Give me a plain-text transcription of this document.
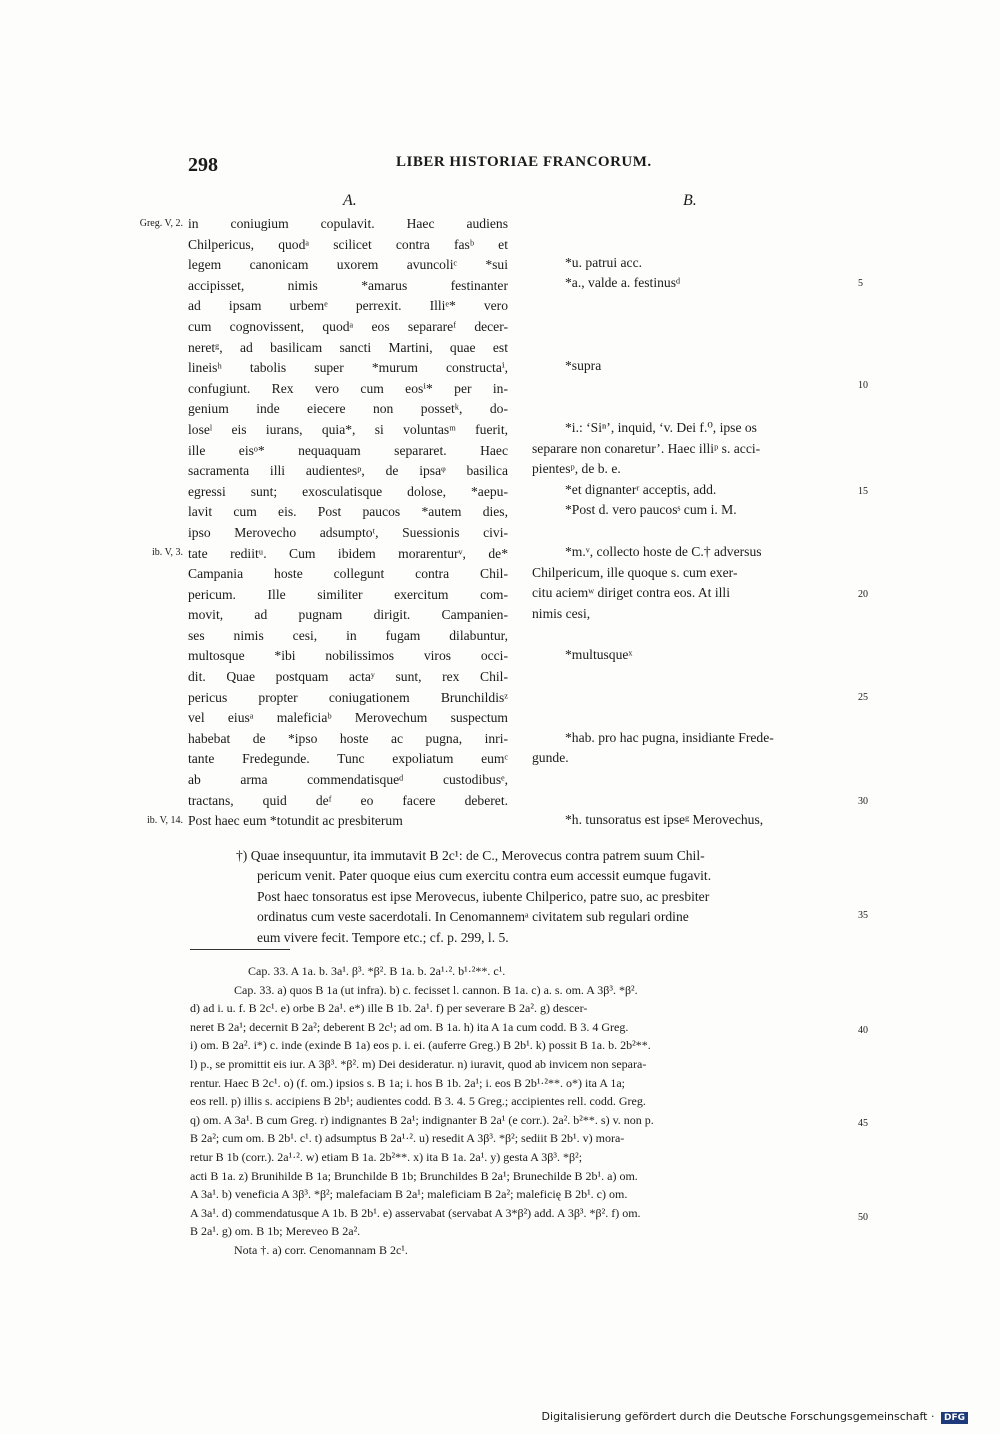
298	LIBER HISTORIAE FRANCORUM.
A.	B.
Greg. V, 2.
ib. V, 3.
ib. V, 14.
in coniugium copulavit. Haec audiens
Chilpericus, quodᵃ scilicet contra fasᵇ et
legem canonicam uxorem avuncoliᶜ *sui
accipisset, nimis *amarus festinanter
ad ipsam urbemᵉ perrexit. Illiᵉ* vero
cum cognovissent, quodᵃ eos separareᶠ decer-
neretᵍ, ad basilicam sancti Martini, quae est
lineisʰ tabolis super *murum constructaⁱ,
confugiunt. Rex vero cum eosⁱ* per in-
genium inde eiecere non possetᵏ, do-
loseˡ eis iurans, quia*, si voluntasᵐ fuerit,
ille eisᵒ* nequaquam separaret. Haec
sacramenta illi audientesᵖ, de ipsaᵠ basilica
egressi sunt; exosculatisque dolose, *aepu-
lavit cum eis. Post paucos *autem dies,
ipso Merovecho adsumptoᵗ, Suessionis civi-
tate rediitᵘ. Cum ibidem morarenturᵛ, de*
Campania hoste collegunt contra Chil-
pericum. Ille similiter exercitum com-
movit, ad pugnam dirigit. Campanien-
ses nimis cesi, in fugam dilabuntur,
multosque *ibi nobilissimos viros occi-
dit. Quae postquam actaʸ sunt, rex Chil-
pericus propter coniugationem Brunchildisᶻ
vel eiusᵃ maleficiaᵇ Merovechum suspectum
habebat de *ipso hoste ac pugna, inri-
tante Fredegunde. Tunc expoliatum eumᶜ
ab arma commendatisqueᵈ custodibusᵉ,
tractans, quid deᶠ eo facere deberet.
Post haec eum *totundit ac presbiterum
*u. patrui acc.
*a., valde a. festinusᵈ
*supra
*i.: ‘Siⁿ’, inquid, ‘v. Dei f.⁰, ipse os
separare non conaretur’. Haec illiᵖ s. acci-
pientesᵖ, de b. e.
*et dignanterʳ acceptis, add.
*Post d. vero paucosˢ cum i. M.
*m.ᵛ, collecto hoste de C.† adversus
Chilpericum, ille quoque s. cum exer-
citu aciemʷ diriget contra eos. At illi
nimis cesi,
*multusqueˣ
*hab. pro hac pugna, insidiante Frede-
gunde.
*h. tunsoratus est ipseᵍ Merovechus,
5
10
15
20
25
30
35
40
45
50
†) Quae insequuntur, ita immutavit B 2c¹: de C., Merovecus contra patrem suum Chil-
pericum venit. Pater quoque eius cum exercitu contra eum accessit eumque fugavit.
Post haec tonsoratus est ipse Merovecus, iubente Chilperico, patre suo, ac presbiter
ordinatus cum veste sacerdotali. In Cenomannemᵃ civitatem sub regulari ordine
eum vivere fecit. Tempore etc.; cf. p. 299, l. 5.
Cap. 33. A 1a. b. 3a¹. β³. *β². B 1a. b. 2a¹·². b¹·²**. c¹.
Cap. 33. a) quos B 1a (ut infra). b) c. fecisset l. cannon. B 1a. c) a. s. om. A 3β³. *β².
d) ad i. u. f. B 2c¹. e) orbe B 2a¹. e*) ille B 1b. 2a¹. f) per severare B 2a². g) descer-
neret B 2a¹; decernit B 2a²; deberent B 2c¹; ad om. B 1a. h) ita A 1a cum codd. B 3. 4 Greg.
i) om. B 2a². i*) c. inde (exinde B 1a) eos p. i. ei. (auferre Greg.) B 2b¹. k) possit B 1a. b. 2b²**.
l) p., se promittit eis iur. A 3β³. *β². m) Dei desideratur. n) iuravit, quod ab invicem non separa-
rentur. Haec B 2c¹. o) (f. om.) ipsios s. B 1a; i. hos B 1b. 2a¹; i. eos B 2b¹·²**. o*) ita A 1a;
eos rell. p) illis s. accipiens B 2b¹; audientes codd. B 3. 4. 5 Greg.; accipientes rell. codd. Greg.
q) om. A 3a¹. B cum Greg. r) indignantes B 2a¹; indignanter B 2a¹ (e corr.). 2a². b²**. s) v. non p.
B 2a²; cum om. B 2b¹. c¹. t) adsumptus B 2a¹·². u) resedit A 3β³. *β²; sediit B 2b¹. v) mora-
retur B 1b (corr.). 2a¹·². w) etiam B 1a. 2b²**. x) ita B 1a. 2a¹. y) gesta A 3β³. *β²;
acti B 1a. z) Brunihilde B 1a; Brunchilde B 1b; Brunchildes B 2a¹; Brunechilde B 2b¹. a) om.
A 3a¹. b) veneficia A 3β³. *β²; malefaciam B 2a¹; maleficiam B 2a²; maleficię B 2b¹. c) om.
A 3a¹. d) commendatusque A 1b. B 2b¹. e) asservabat (servabat A 3*β²) add. A 3β³. *β². f) om.
B 2a¹. g) om. B 1b; Mereveo B 2a².
Nota †. a) corr. Cenomannam B 2c¹.
Digitalisierung gefördert durch die Deutsche Forschungsgemeinschaft · DFG
